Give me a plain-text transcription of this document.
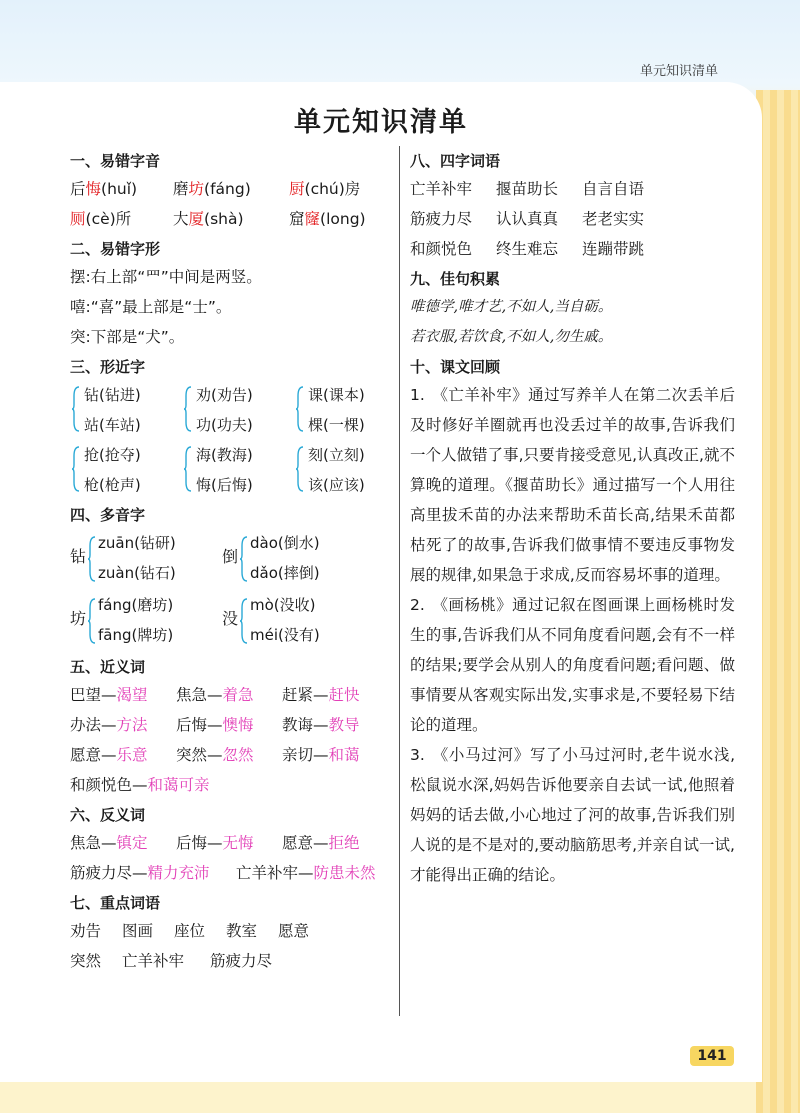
单元知识清单
单元知识清单
一、易错字音
后悔(huǐ) 磨坊(fáng) 厨(chú)房
厕(cè)所	大厦(shà)	窟窿(long)
二、易错字形
摆:右上部“罒”中间是两竖。
嘻:“喜”最上部是“士”。
突:下部是“犬”。
三、形近字
钻(钻进)
站(车站)
劝(劝告)
功(功夫)
课(课本)
棵(一棵)
抢(抢夺)
枪(枪声)
海(教海)
悔(后悔)
刻(立刻)
该(应该)
四、多音字
钻
zuān(钻研)
zuàn(钻石)
倒
dào(倒水)
dǎo(摔倒)
坊
fáng(磨坊)
fāng(牌坊)
没
mò(没收)
méi(没有)
五、近义词
巴望—渴望 焦急—着急 赶紧—赶快
办法—方法 后悔—懊悔 教诲—教导
愿意—乐意 突然—忽然 亲切—和蔼
和颜悦色—和蔼可亲
六、反义词
焦急—镇定 后悔—无悔 愿意—拒绝
筋疲力尽—精力充沛 亡羊补牢—防患未然
七、重点词语
劝告 图画 座位 教室 愿意
突然 亡羊补牢 筋疲力尽
八、四字词语
亡羊补牢 揠苗助长 自言自语
筋疲力尽 认认真真 老老实实
和颜悦色 终生难忘 连蹦带跳
九、佳句积累
唯德学,唯才艺,不如人,当自砺。
若衣服,若饮食,不如人,勿生戚。
十、课文回顾

1. 《亡羊补牢》通过写养羊人在第二次丢羊后及时修好羊圈就再也没丢过羊的故事,告诉我们一个人做错了事,只要肯接受意见,认真改正,就不算晚的道理。《揠苗助长》通过描写一个人用往高里拔禾苗的办法来帮助禾苗长高,结果禾苗都枯死了的故事,告诉我们做事情不要违反事物发展的规律,如果急于求成,反而容易坏事的道理。

2. 《画杨桃》通过记叙在图画课上画杨桃时发生的事,告诉我们从不同角度看问题,会有不一样的结果;要学会从别人的角度看问题;看问题、做事情要从客观实际出发,实事求是,不要轻易下结论的道理。

3. 《小马过河》写了小马过河时,老牛说水浅,松鼠说水深,妈妈告诉他要亲自去试一试,他照着妈妈的话去做,小心地过了河的故事,告诉我们别人说的是不是对的,要动脑筋思考,并亲自试一试,才能得出正确的结论。

141
